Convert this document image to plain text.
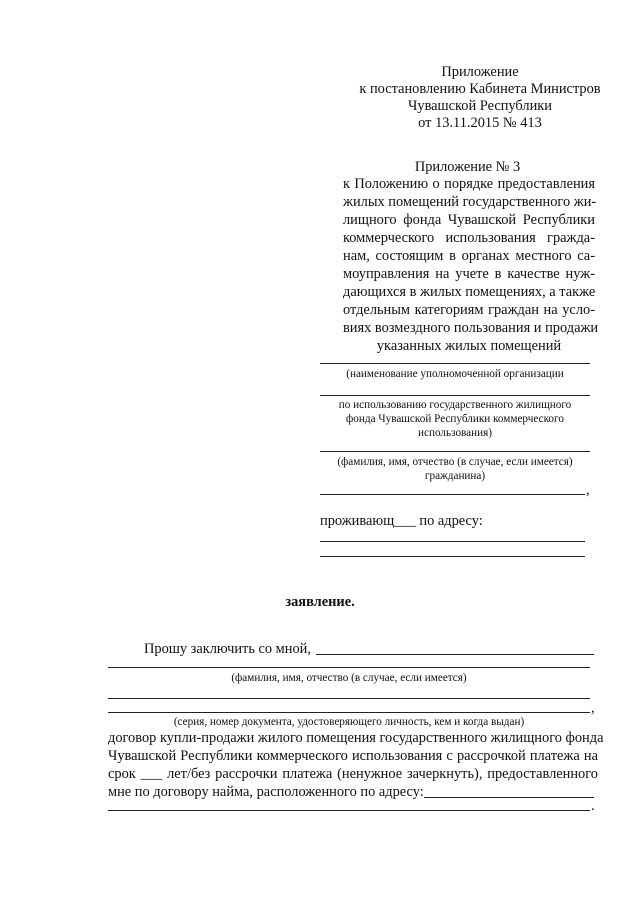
Приложение
к постановлению Кабинета Министров
Чувашской Республики
от 13.11.2015 № 413
Приложение № 3
к Положению о порядке предоставления
жилых помещений государственного жи-
лищного фонда Чувашской Республики
коммерческого использования гражда-
нам, состоящим в органах местного са-
моуправления на учете в качестве нуж-
дающихся в жилых помещениях, а также
отдельным категориям граждан на усло-
виях возмездного пользования и продажи
указанных жилых помещений
(наименование уполномоченной организации
по использованию государственного жилищного
фонда Чувашской Республики коммерческого
использования)
(фамилия, имя, отчество (в случае, если имеется)
гражданина)
,
проживающ___ по адресу:
заявление.
Прошу заключить со мной,
(фамилия, имя, отчество (в случае, если имеется)
,
(серия, номер документа, удостоверяющего личность, кем и когда выдан)
договор купли-продажи жилого помещения государственного жилищного фонда
Чувашской Республики коммерческого использования с рассрочкой платежа на
срок ___ лет/без рассрочки платежа (ненужное зачеркнуть), предоставленного
мне по договору найма, расположенного по адресу:
.
